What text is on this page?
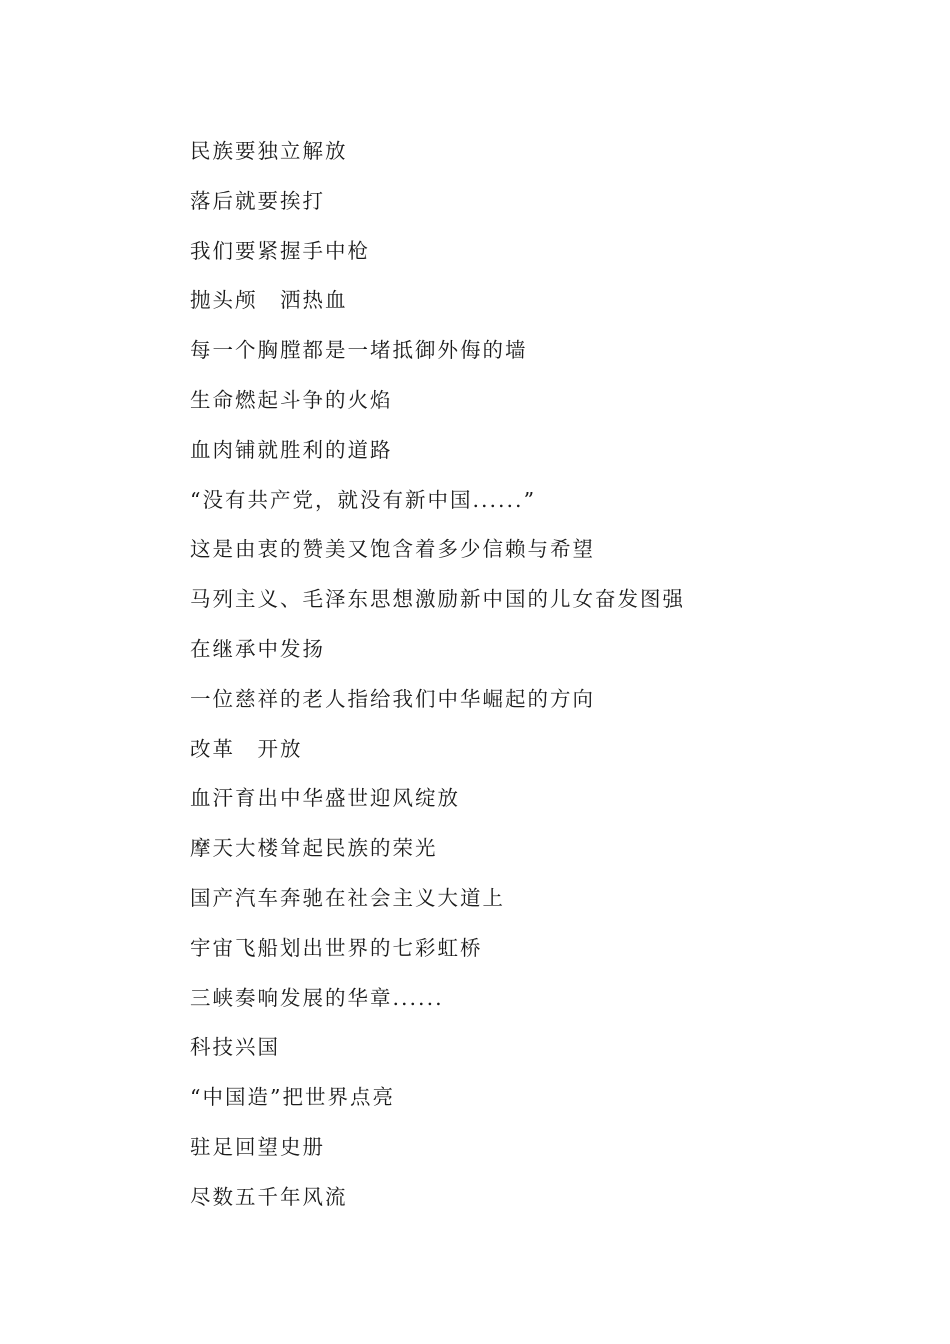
民族要独立解放
落后就要挨打
我们要紧握手中枪
抛头颅　洒热血
每一个胸膛都是一堵抵御外侮的墙
生命燃起斗争的火焰
血肉铺就胜利的道路
“没有共产党，就没有新中国......”
这是由衷的赞美又饱含着多少信赖与希望
马列主义、毛泽东思想激励新中国的儿女奋发图强
在继承中发扬
一位慈祥的老人指给我们中华崛起的方向
改革　开放
血汗育出中华盛世迎风绽放
摩天大楼耸起民族的荣光
国产汽车奔驰在社会主义大道上
宇宙飞船划出世界的七彩虹桥
三峡奏响发展的华章......
科技兴国
“中国造”把世界点亮
驻足回望史册
尽数五千年风流
